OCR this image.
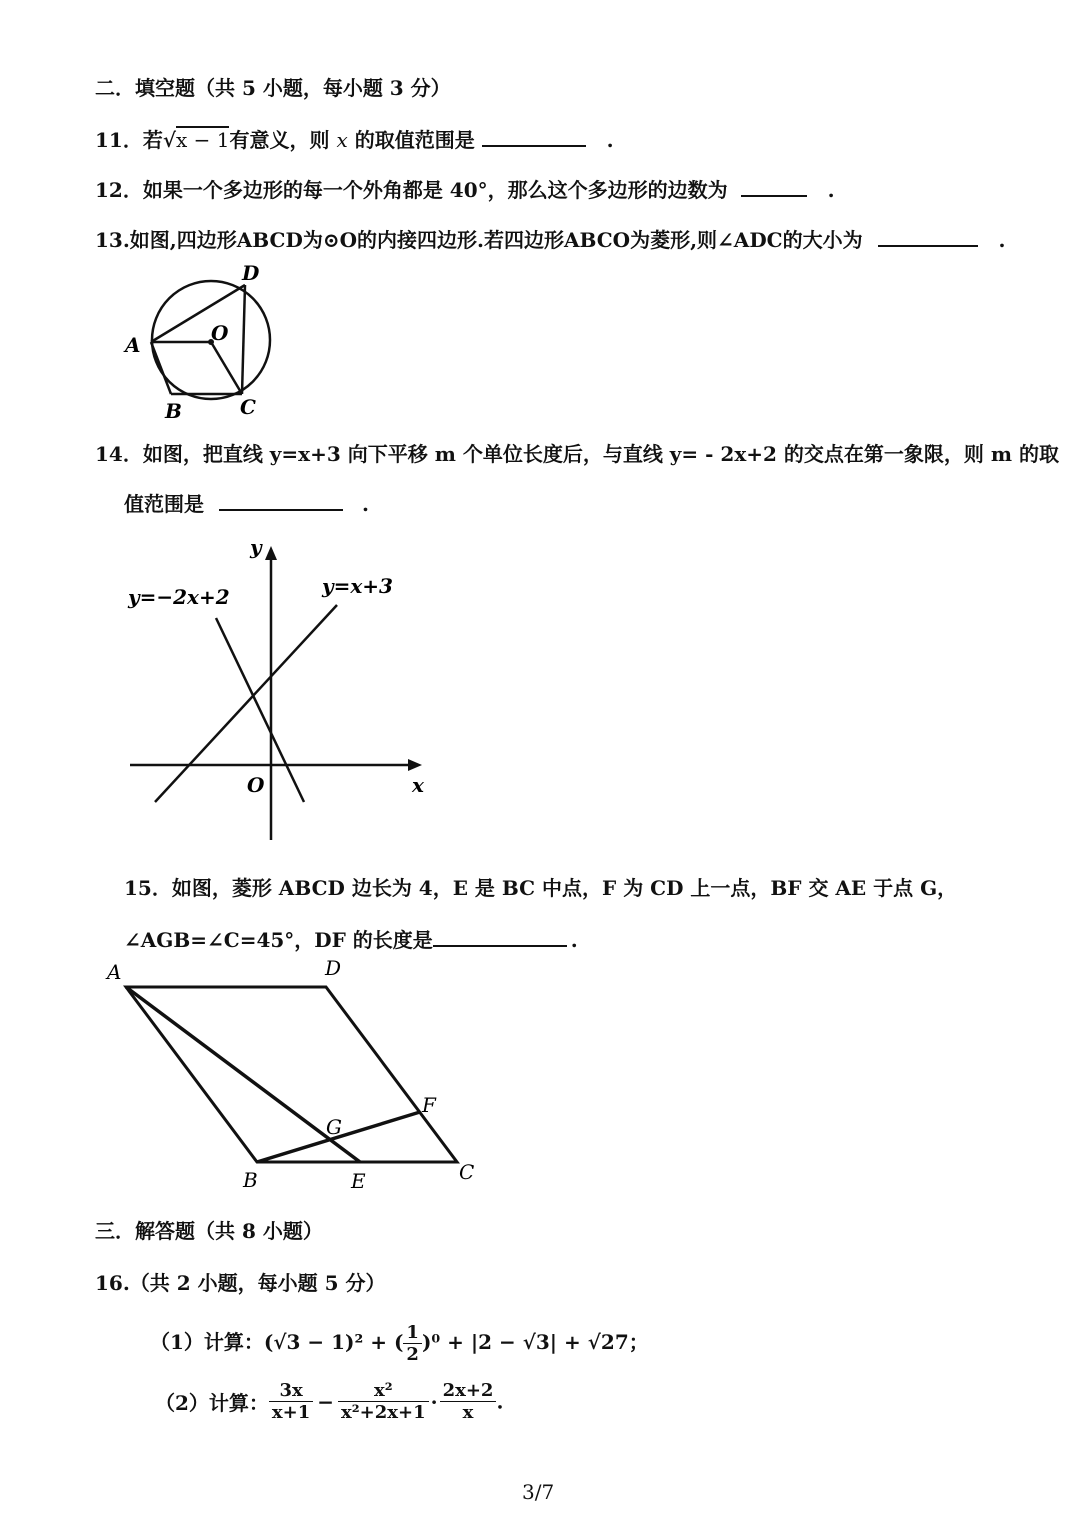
二．填空题（共 5 小题，每小题 3 分）
11．若√x − 1有意义，则 x 的取值范围是	.
12．如果一个多边形的每一个外角都是 40°，那么这个多边形的边数为	.
13.如图,四边形ABCD为⊙O的内接四边形.若四边形ABCO为菱形,则∠ADC的大小为	.
A
B	C
D
O
14．如图，把直线 y=x+3 向下平移 m 个单位长度后，与直线 y= - 2x+2 的交点在第一象限，则 m 的取
值范围是	.
y=−2x+2	y=x+3
x
y
O
15．如图，菱形 ABCD 边长为 4，E 是 BC 中点，F 为 CD 上一点，BF 交 AE 于点 G，
∠AGB=∠C=45°，DF 的长度是	.
A	D
B	E	C
F
G
三．解答题（共 8 小题）
16.（共 2 小题，每小题 5 分）
（1）计算：(√3 − 1)² + ( $\frac{1}{2} )^0 + |2 - √3| + √27$；
（2）计算： $\frac{3x}{x+1} - \frac{\text{x²}}{\text{x²+2x+1}} \cdot \frac{2x+2}{x}$ .
3/7
